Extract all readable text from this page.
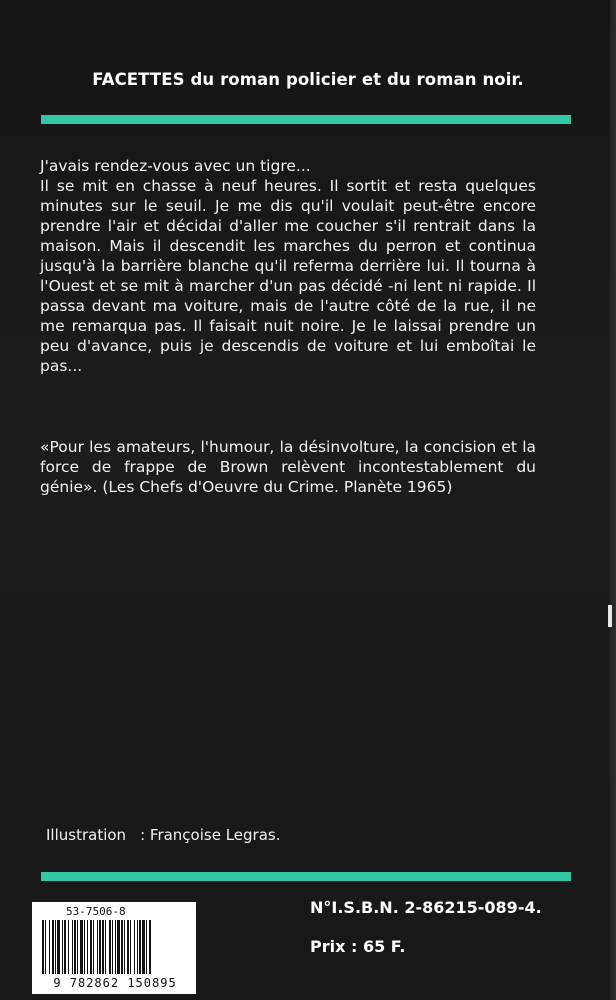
FACETTES du roman policier et du roman noir.

J'avais rendez-vous avec un tigre...

Il se mit en chasse à neuf heures. Il sortit et resta quelques minutes sur le seuil. Je me dis qu'il voulait peut-être encore prendre l'air et décidai d'aller me coucher s'il rentrait dans la maison. Mais il descendit les marches du perron et continua jusqu'à la barrière blanche qu'il referma derrière lui. Il tourna à l'Ouest et se mit à marcher d'un pas décidé -ni lent ni rapide. Il passa devant ma voiture, mais de l'autre côté de la rue, il ne me remarqua pas. Il faisait nuit noire. Je le laissai prendre un peu d'avance, puis je descendis de voiture et lui emboîtai le pas...

«Pour les amateurs, l'humour, la désinvolture, la concision et la force de frappe de Brown relèvent incontestablement du génie». (Les Chefs d'Oeuvre du Crime. Planète 1965)
Illustration : Françoise Legras.
53-7506-8
9 782862 150895
N°I.S.B.N. 2-86215-089-4.
Prix : 65 F.
